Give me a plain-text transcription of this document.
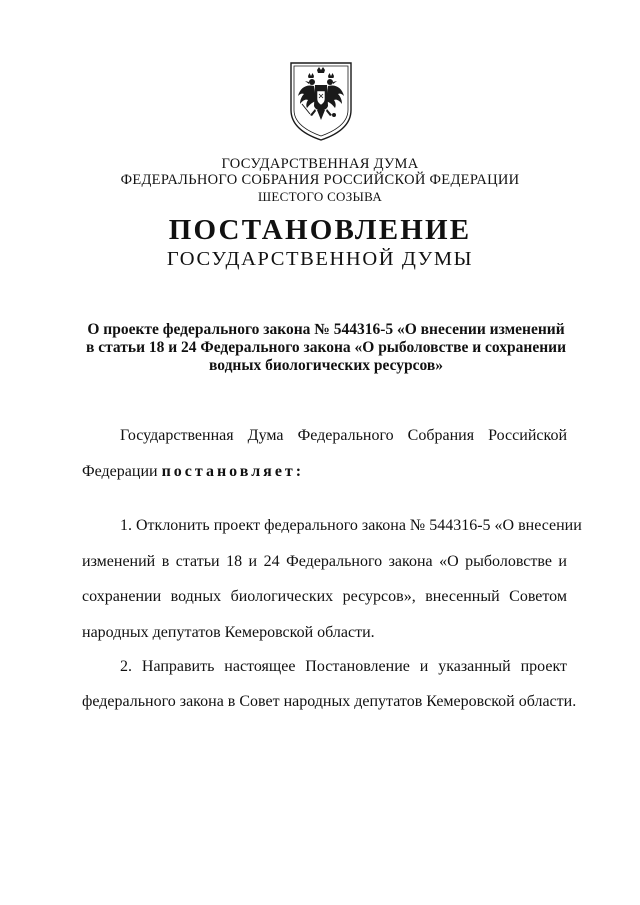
ГОСУДАРСТВЕННАЯ ДУМА
ФЕДЕРАЛЬНОГО СОБРАНИЯ РОССИЙСКОЙ ФЕДЕРАЦИИ
ШЕСТОГО СОЗЫВА
ПОСТАНОВЛЕНИЕ
ГОСУДАРСТВЕННОЙ ДУМЫ
О проекте федерального закона № 544316-5 «О внесении изменений
в статьи 18 и 24 Федерального закона «О рыболовстве и сохранении
водных биологических ресурсов»
Государственная Дума Федерального Собрания Российской
Федерации постановляет:
1. Отклонить проект федерального закона № 544316-5 «О внесении
изменений в статьи 18 и 24 Федерального закона «О рыболовстве и
сохранении водных биологических ресурсов», внесенный Советом
народных депутатов Кемеровской области.
2. Направить настоящее Постановление и указанный проект
федерального закона в Совет народных депутатов Кемеровской области.
